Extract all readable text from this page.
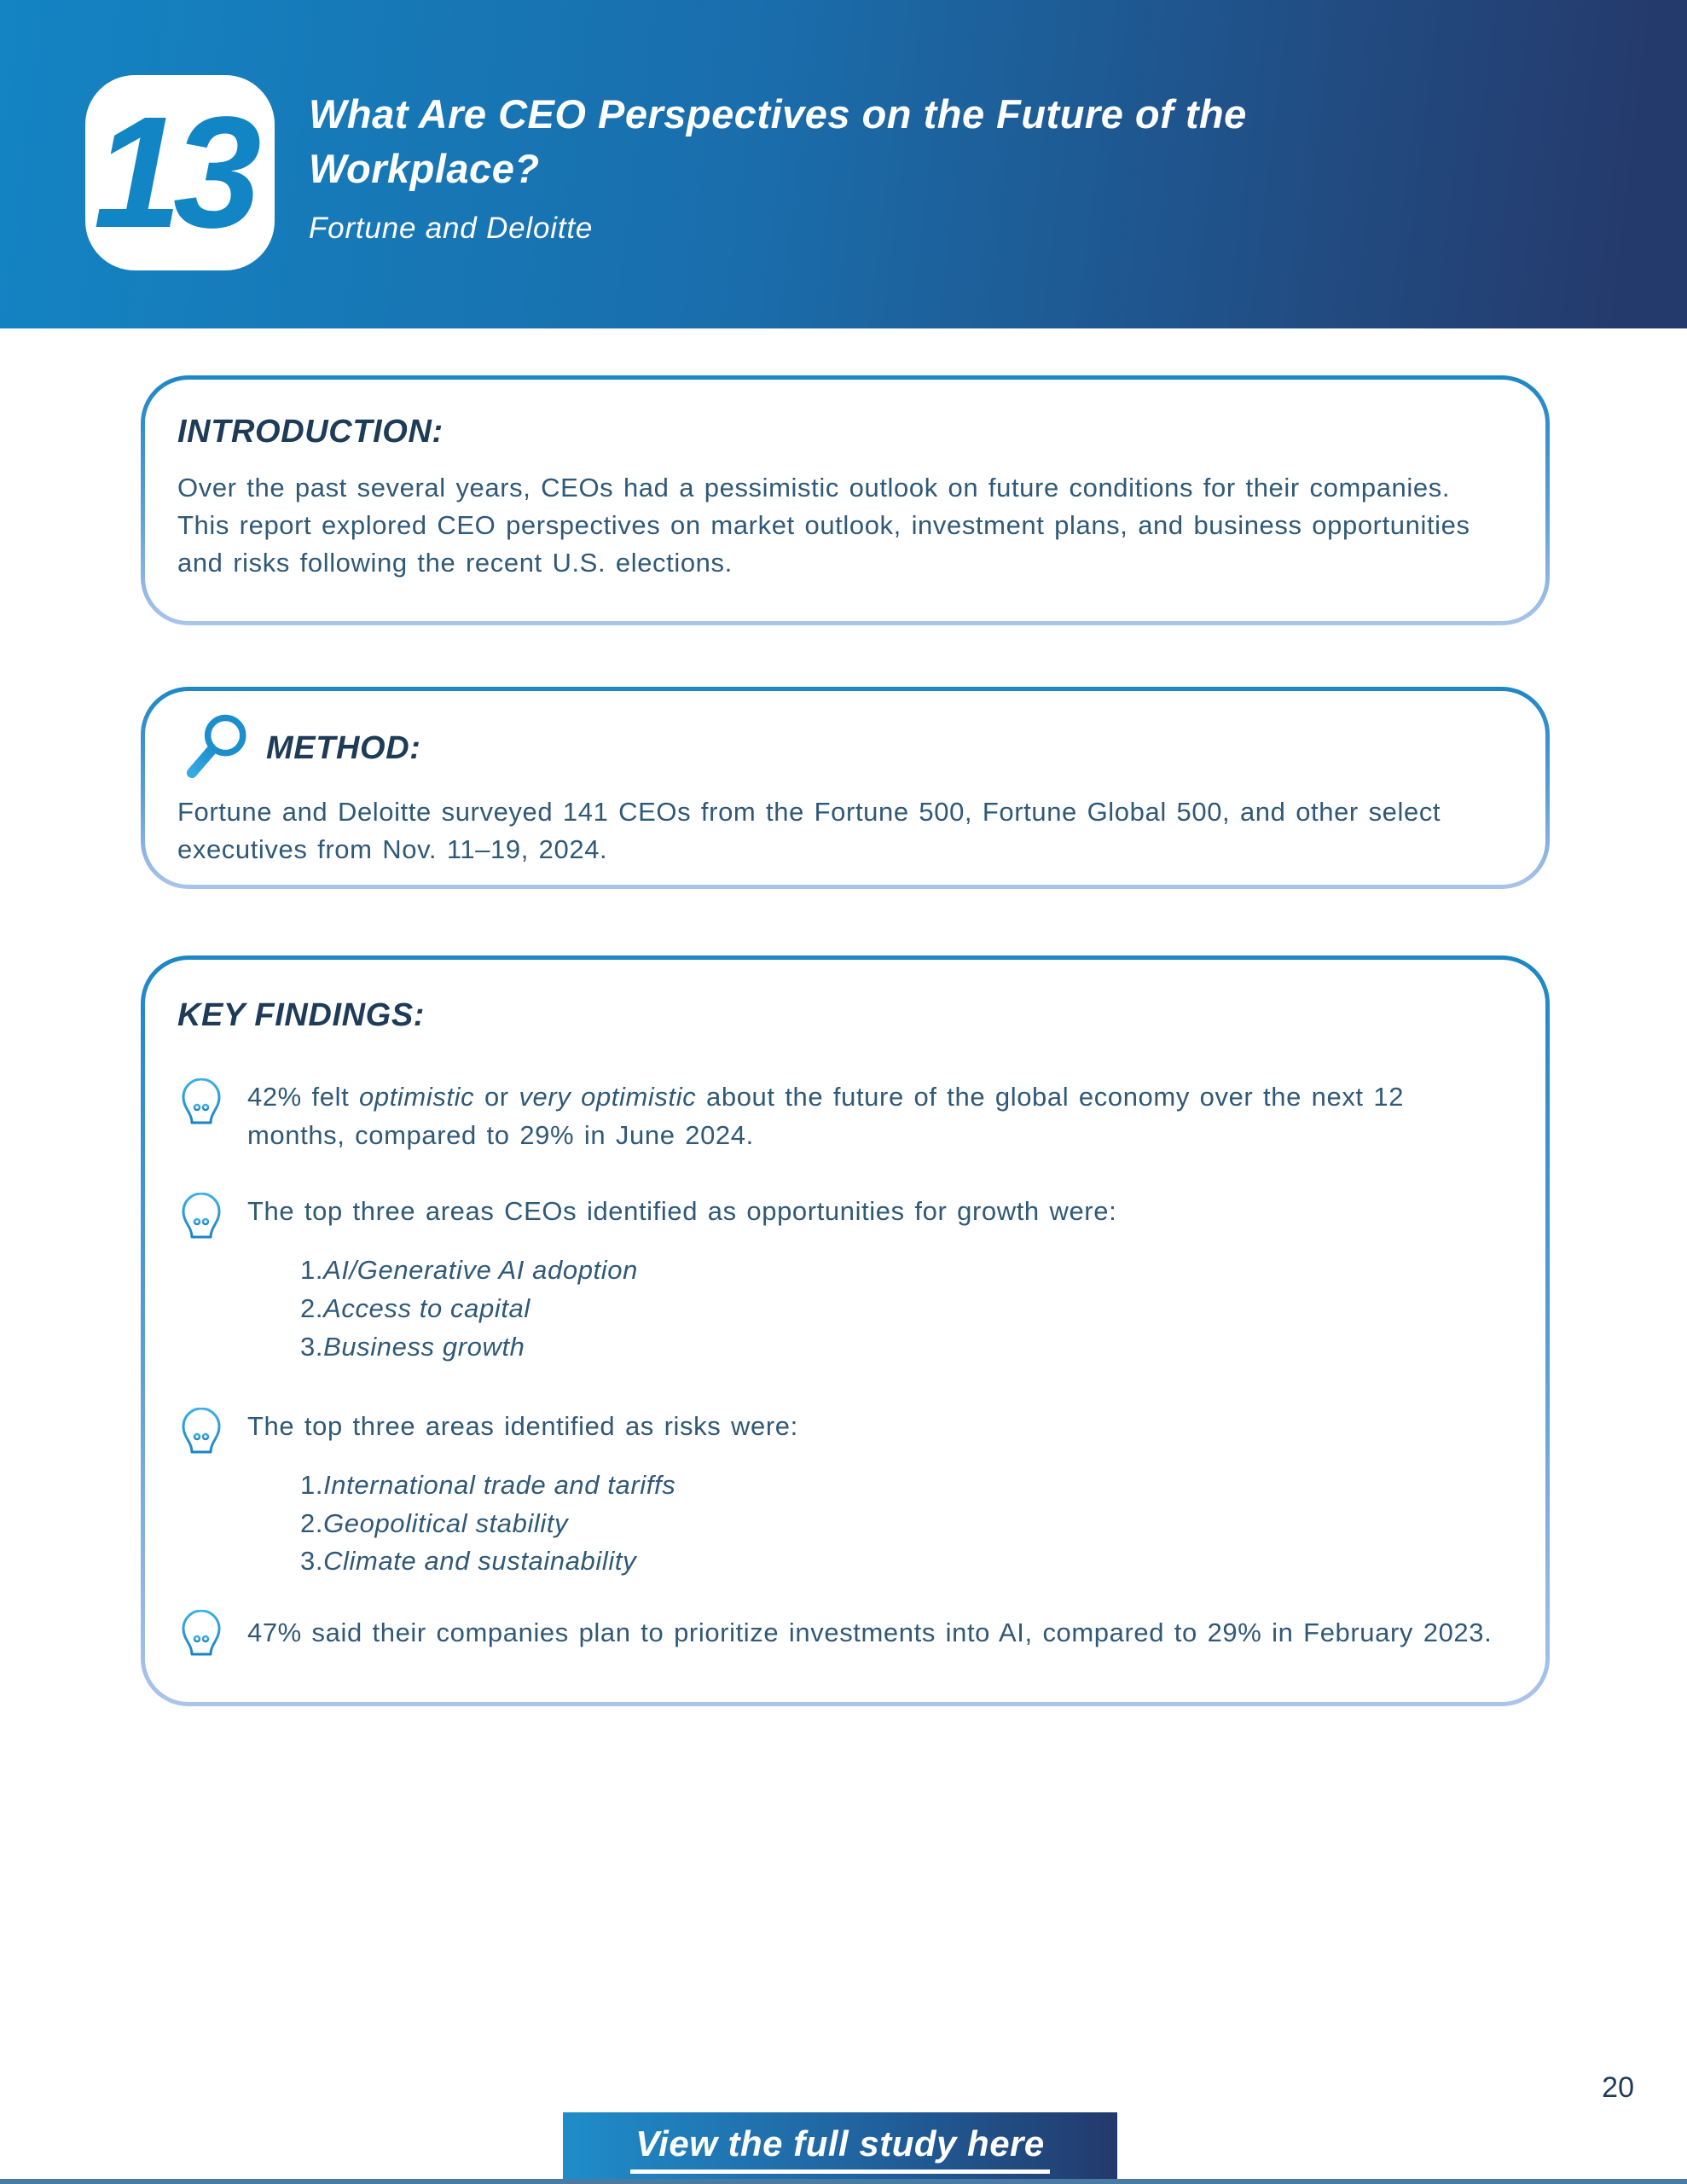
13 What Are CEO Perspectives on the Future of the Workplace?
Fortune and Deloitte
INTRODUCTION:

Over the past several years, CEOs had a pessimistic outlook on future conditions for their companies. This report explored CEO perspectives on market outlook, investment plans, and business opportunities and risks following the recent U.S. elections.

METHOD:

Fortune and Deloitte surveyed 141 CEOs from the Fortune 500, Fortune Global 500, and other select executives from Nov. 11–19, 2024.

KEY FINDINGS:

42% felt optimistic or very optimistic about the future of the global economy over the next 12 months, compared to 29% in June 2024.

The top three areas CEOs identified as opportunities for growth were:

1.AI/Generative AI adoption
2.Access to capital
3.Business growth

The top three areas identified as risks were:

1.International trade and tariffs
2.Geopolitical stability
3.Climate and sustainability

47% said their companies plan to prioritize investments into AI, compared to 29% in February 2023.

20
View the full study here
